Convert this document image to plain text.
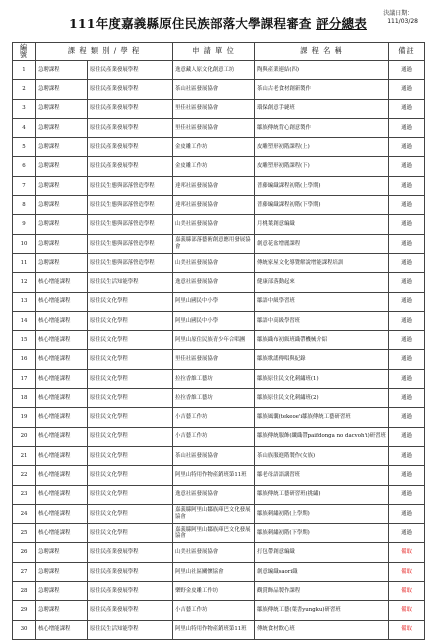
111年度嘉義縣原住民族部落大學課程審查 評分總表
決議日期：
111/03/28
編 號	課 程 類 別 / 學 程		申 請 單 位	課 程 名 稱	備註
1	急聘課程	原住民產業發展學程	逸意藏人原文化創意工坊	陶與產業連結(四)	通過
2	急聘課程	原住民產業發展學程	茶山社區發展協會	茶山古老食材創新製作	通過
3	急聘課程	原住民產業發展學程	里佳社區發展協會	環保創意手縫班	通過
4	急聘課程	原住民產業發展學程	里佳社區發展協會	鄒族傳統背心創意製作	通過
5	急聘課程	原住民產業發展學程	金皮雕工作坊	皮雕塑形初階課程(上)	通過
6	急聘課程	原住民產業發展學程	金皮雕工作坊	皮雕塑形初階課程(下)	通過
7	急聘課程	原住民生態與部落營造學程	達邦社區發展協會	普藤編織課程初階(上學期)	通過
8	急聘課程	原住民生態與部落營造學程	達邦社區發展協會	普藤編織課程初階(下學期)	通過
9	急聘課程	原住民生態與部落營造學程	山美社區發展協會	月桃葉創意編織	通過
10	急聘課程	原住民生態與部落營造學程	嘉義縣部落藝術創意應用發展協會	創意花盆增麗課程	通過
11	急聘課程	原住民生態與部落營造學程	山美社區發展協會	傳統家屋文化導覽解說增能課程培訓	通過
12	核心增能課程	原住民生活知能學程	逸意社區發展協會	健康部落動起來	通過
13	核心增能課程	原住民文化學程	阿里山國民中小學	鄒語中級學習班	通過
14	核心增能課程	原住民文化學程	阿里山國民中小學	鄒語中高級學習班	通過
15	核心增能課程	原住民文化學程	阿里山原住民族青少年合唱團	鄒族織布初級班織帶機械介紹	通過
16	核心增能課程	原住民文化學程	里佳社區發展協會	鄒族歌謠傳唱與紀錄	通過
17	核心增能課程	原住民文化學程	拉拉香維工藝坊	鄒族原住民文化刺繡班(1)	通過
18	核心增能課程	原住民文化學程	拉拉香維工藝坊	鄒族原住民文化刺繡班(2)	通過
19	核心增能課程	原住民文化學程	小吉藝工作坊	鄒族風囊(tekeoe'i鄒族傳統工藝研習班	通過
20	核心增能課程	原住民文化學程	小吉藝工作坊	鄒族傳統服飾(纖織帶paifdonga no dacvoh'i)研習班	通過
21	核心增能課程	原住民文化學程	茶山社區發展協會	茶山族服進階製作(女族)	通過
22	核心增能課程	原住民文化學程	阿里山特用作物產銷班第11班	鄒老母語語講習班	通過
23	核心增能課程	原住民文化學程	逸意社區發展協會	鄒族傳統工藝研習班(挑繡)	通過
24	核心增能課程	原住民文化學程	嘉義縣阿里山鄒族庫巴文化發展協會	鄒族刺繡初階(上學期)	通過
25	核心增能課程	原住民文化學程	嘉義縣阿里山鄒族庫巴文化發展協會	鄒族刺繡初階(下學期)	通過
26	急聘課程	原住民產業發展學程	山美社區發展協會	打包帶創意編織	備取
27	急聘課程	原住民產業發展學程	阿里山社區關懷協會	創意編織saori織	備取
28	急聘課程	原住民產業發展學程	樂野金皮雕工作坊	觀賞飾品製作課程	備取
29	急聘課程	原住民產業發展學程	小吉藝工作坊	鄒族傳統工藝(葉書yungku)研習班	備取
30	核心增能課程	原住民生活知能學程	阿里山特用作物產銷班第11班	傳統食材飲心班	備取
